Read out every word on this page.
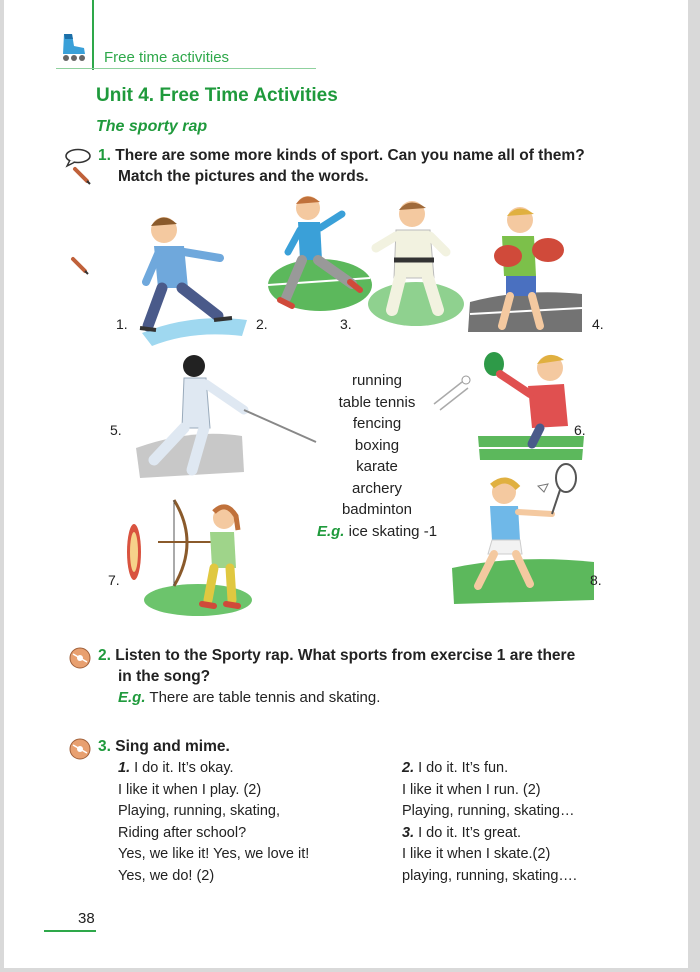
Free time activities
Unit 4. Free Time Activities
The sporty rap
1. There are some more kinds of sport. Can you name all of them?
Match the pictures and the words.
1.	2.	3.	4.
5.	6.
7.	8.
running
table tennis
fencing
boxing
karate
archery
badminton
E.g. ice skating -1
2. Listen to the Sporty rap. What sports from exercise 1 are there
in the song?
E.g. There are table tennis and skating.
3. Sing and mime.
1. I do it. It’s okay.
I like it when I play. (2)
Playing, running, skating,
Riding after school?
Yes, we like it! Yes, we love it!
Yes, we do! (2)
2. I do it. It’s fun.
I like it when I run. (2)
Playing, running, skating…
3. I do it. It’s great.
I like it when I skate.(2)
playing, running, skating….
38
